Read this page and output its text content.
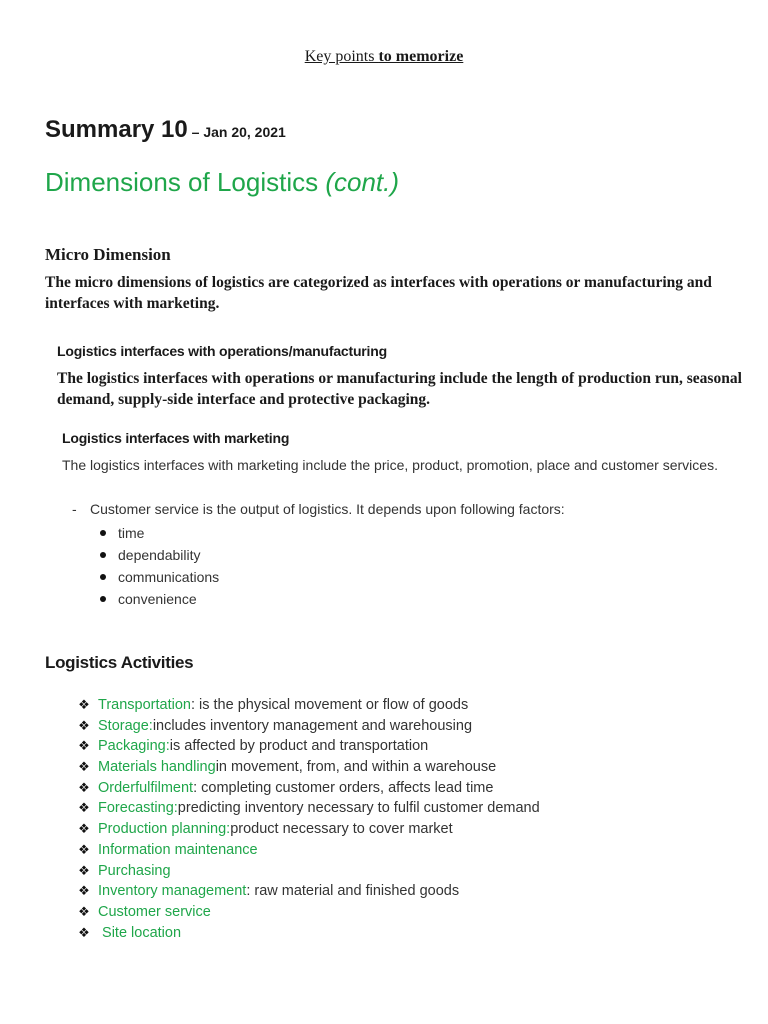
Key points to memorize
Summary 10 – Jan 20, 2021
Dimensions of Logistics (cont.)
Micro Dimension
The micro dimensions of logistics are categorized as interfaces with operations or manufacturing and interfaces with marketing.
Logistics interfaces with operations/manufacturing
The logistics interfaces with operations or manufacturing include the length of production run, seasonal demand, supply-side interface and protective packaging.
Logistics interfaces with marketing
The logistics interfaces with marketing include the price, product, promotion, place and customer services.
- Customer service is the output of logistics. It depends upon following factors:
time
dependability
communications
convenience
Logistics Activities
❖ Transportation : is the physical movement or flow of goods
❖ Storage: includes inventory management and warehousing
❖ Packaging: is affected by product and transportation
❖ Materials handling in movement, from, and within a warehouse
❖ Orderfulfilment : completing customer orders, affects lead time
❖ Forecasting: predicting inventory necessary to fulfil customer demand
❖ Production planning: product necessary to cover market
❖ Information maintenance
❖ Purchasing
❖ Inventory management : raw material and finished goods
❖ Customer service
❖ Site location
